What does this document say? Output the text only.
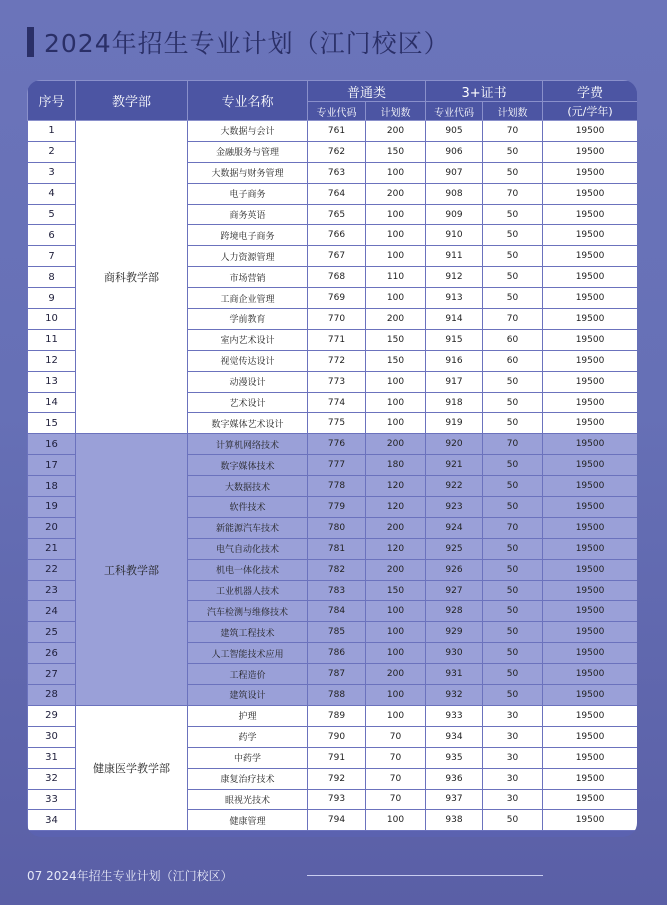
2024年招生专业计划（江门校区）
序号	教学部	专业名称	普通类		3+证书		学费
			专业代码	计划数	专业代码	计划数	(元/学年)
1	商科教学部	大数据与会计	761	200	905	70	19500
2		金融服务与管理	762	150	906	50	19500
3		大数据与财务管理	763	100	907	50	19500
4		电子商务	764	200	908	70	19500
5		商务英语	765	100	909	50	19500
6		跨境电子商务	766	100	910	50	19500
7		人力资源管理	767	100	911	50	19500
8		市场营销	768	110	912	50	19500
9		工商企业管理	769	100	913	50	19500
10		学前教育	770	200	914	70	19500
11		室内艺术设计	771	150	915	60	19500
12		视觉传达设计	772	150	916	60	19500
13		动漫设计	773	100	917	50	19500
14		艺术设计	774	100	918	50	19500
15		数字媒体艺术设计	775	100	919	50	19500
16	工科教学部	计算机网络技术	776	200	920	70	19500
17		数字媒体技术	777	180	921	50	19500
18		大数据技术	778	120	922	50	19500
19		软件技术	779	120	923	50	19500
20		新能源汽车技术	780	200	924	70	19500
21		电气自动化技术	781	120	925	50	19500
22		机电一体化技术	782	200	926	50	19500
23		工业机器人技术	783	150	927	50	19500
24		汽车检测与维修技术	784	100	928	50	19500
25		建筑工程技术	785	100	929	50	19500
26		人工智能技术应用	786	100	930	50	19500
27		工程造价	787	200	931	50	19500
28		建筑设计	788	100	932	50	19500
29	健康医学教学部	护理	789	100	933	30	19500
30		药学	790	70	934	30	19500
31		中药学	791	70	935	30	19500
32		康复治疗技术	792	70	936	30	19500
33		眼视光技术	793	70	937	30	19500
34		健康管理	794	100	938	50	19500
07 2024年招生专业计划（江门校区）
